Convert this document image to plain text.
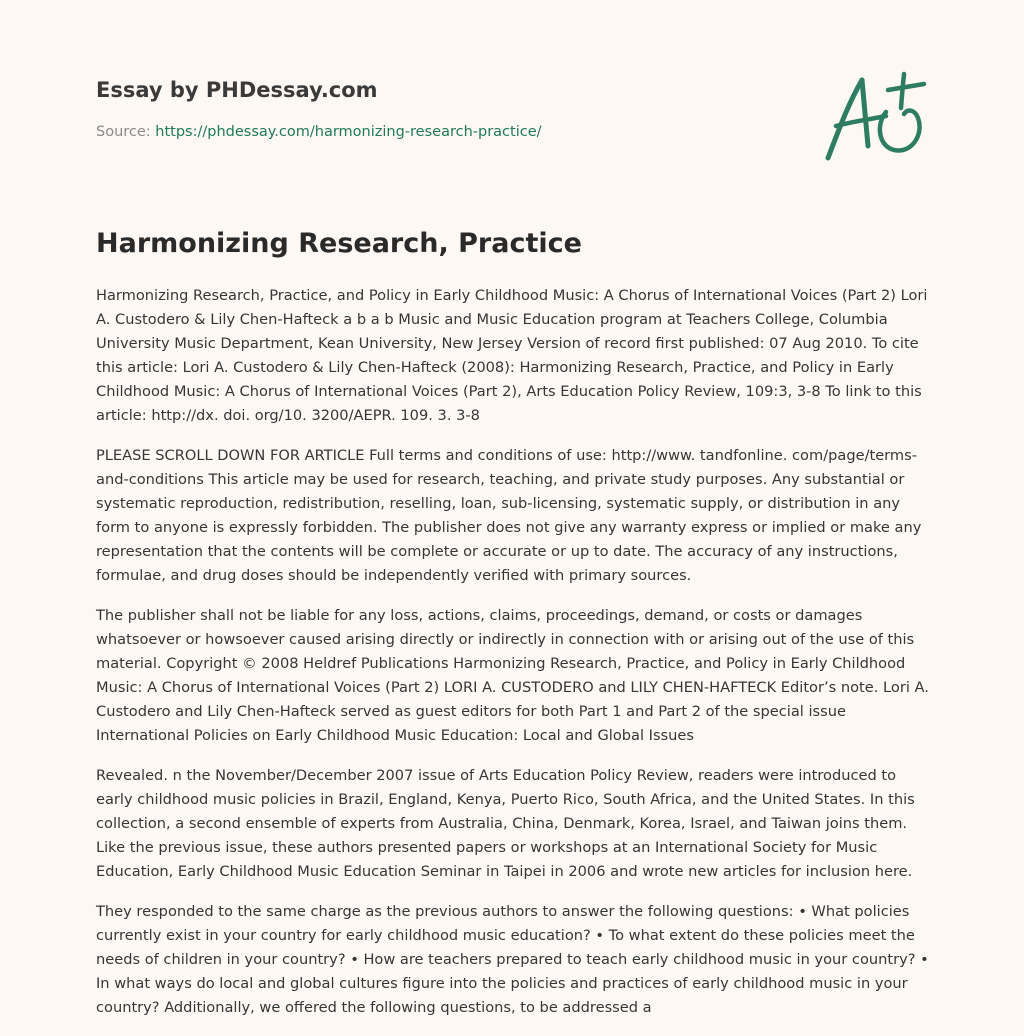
Essay by PHDessay.com
Source: https://phdessay.com/harmonizing-research-practice/
Harmonizing Research, Practice

Harmonizing Research, Practice, and Policy in Early Childhood Music: A Chorus of International Voices (Part 2) Lori A. Custodero & Lily Chen-Hafteck a b a b Music and Music Education program at Teachers College, Columbia University Music Department, Kean University, New Jersey Version of record first published: 07 Aug 2010. To cite this article: Lori A. Custodero & Lily Chen-Hafteck (2008): Harmonizing Research, Practice, and Policy in Early Childhood Music: A Chorus of International Voices (Part 2), Arts Education Policy Review, 109:3, 3-8 To link to this article: http://dx. doi. org/10. 3200/AEPR. 109. 3. 3-8

PLEASE SCROLL DOWN FOR ARTICLE Full terms and conditions of use: http://www. tandfonline. com/page/terms-and-conditions This article may be used for research, teaching, and private study purposes. Any substantial or systematic reproduction, redistribution, reselling, loan, sub-licensing, systematic supply, or distribution in any form to anyone is expressly forbidden. The publisher does not give any warranty express or implied or make any representation that the contents will be complete or accurate or up to date. The accuracy of any instructions, formulae, and drug doses should be independently verified with primary sources.

The publisher shall not be liable for any loss, actions, claims, proceedings, demand, or costs or damages whatsoever or howsoever caused arising directly or indirectly in connection with or arising out of the use of this material. Copyright © 2008 Heldref Publications Harmonizing Research, Practice, and Policy in Early Childhood Music: A Chorus of International Voices (Part 2) LORI A. CUSTODERO and LILY CHEN-HAFTECK Editor’s note. Lori A. Custodero and Lily Chen-Hafteck served as guest editors for both Part 1 and Part 2 of the special issue International Policies on Early Childhood Music Education: Local and Global Issues

Revealed. n the November/December 2007 issue of Arts Education Policy Review, readers were introduced to early childhood music policies in Brazil, England, Kenya, Puerto Rico, South Africa, and the United States. In this collection, a second ensemble of experts from Australia, China, Denmark, Korea, Israel, and Taiwan joins them. Like the previous issue, these authors presented papers or workshops at an International Society for Music Education, Early Childhood Music Education Seminar in Taipei in 2006 and wrote new articles for inclusion here.

They responded to the same charge as the previous authors to answer the following questions: • What policies currently exist in your country for early childhood music education? • To what extent do these policies meet the needs of children in your country? • How are teachers prepared to teach early childhood music in your country? • In what ways do local and global cultures figure into the policies and practices of early childhood music in your country? Additionally, we offered the following questions, to be addressed a
